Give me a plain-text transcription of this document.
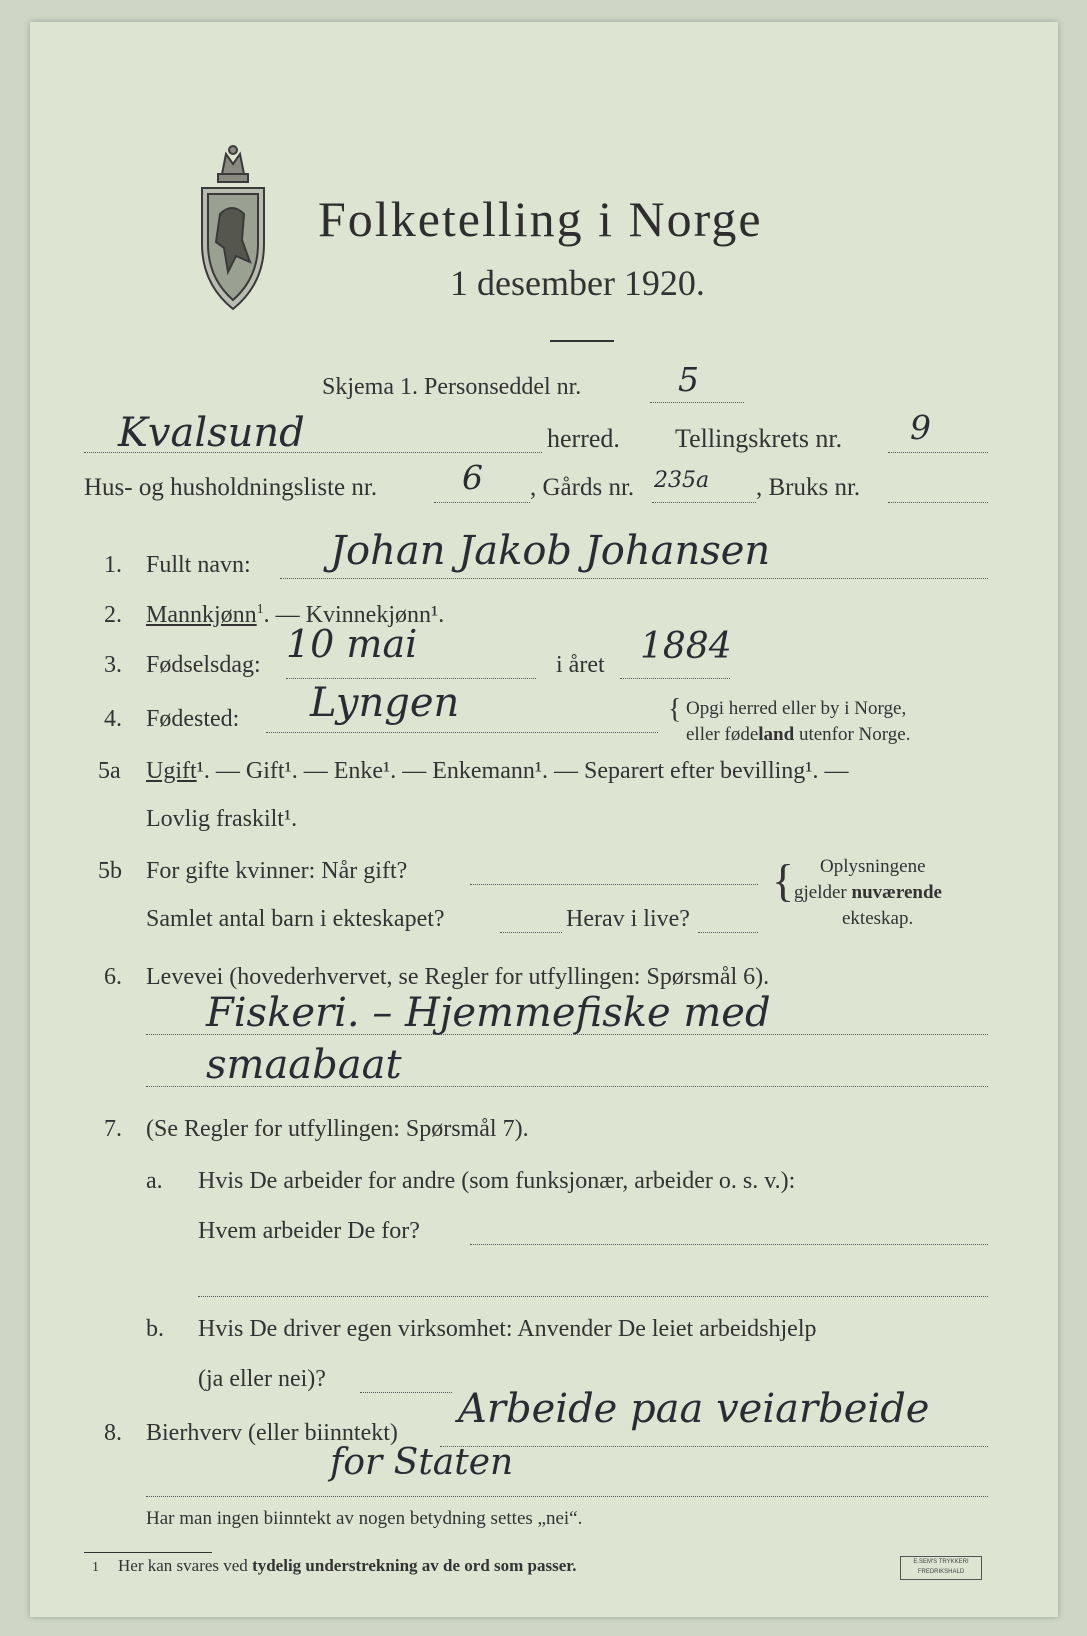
Folketelling i Norge
1 desember 1920.
Skjema 1. Personseddel nr.	5
Kvalsund	herred. Tellingskrets nr. 9
Hus- og husholdningsliste nr.	6 , Gårds nr. 235a , Bruks nr.
1. Fullt navn: Johan Jakob Johansen
2. Mannkjønn$^1$. — Kvinnekjønn¹.
3. Fødselsdag: 10 mai	i året 1884
4. Fødested: Lyngen	{ Opgi herred eller by i Norge,
eller fødeland utenfor Norge.
5a Ugift¹. — Gift¹. — Enke¹. — Enkemann¹. — Separert efter bevilling¹. —
Lovlig fraskilt¹.
5b For gifte kvinner: Når gift?
Samlet antal barn i ekteskapet?	Herav i live?
{ Oplysningene
gjelder nuværende
ekteskap.
6. Levevei (hovederhvervet, se Regler for utfyllingen: Spørsmål 6).
Fiskeri. – Hjemmefiske med
smaabaat
7. (Se Regler for utfyllingen: Spørsmål 7).
a. Hvis De arbeider for andre (som funksjonær, arbeider o. s. v.):
Hvem arbeider De for?
b. Hvis De driver egen virksomhet: Anvender De leiet arbeidshjelp
(ja eller nei)?
8. Bierhverv (eller biinntekt)
Arbeide paa veiarbeide
for Staten
Har man ingen biinntekt av nogen betydning settes „nei“.
1 Her kan svares ved tydelig understrekning av de ord som passer.	E.SEM'S TRYKKERI FREDRIKSHALD
